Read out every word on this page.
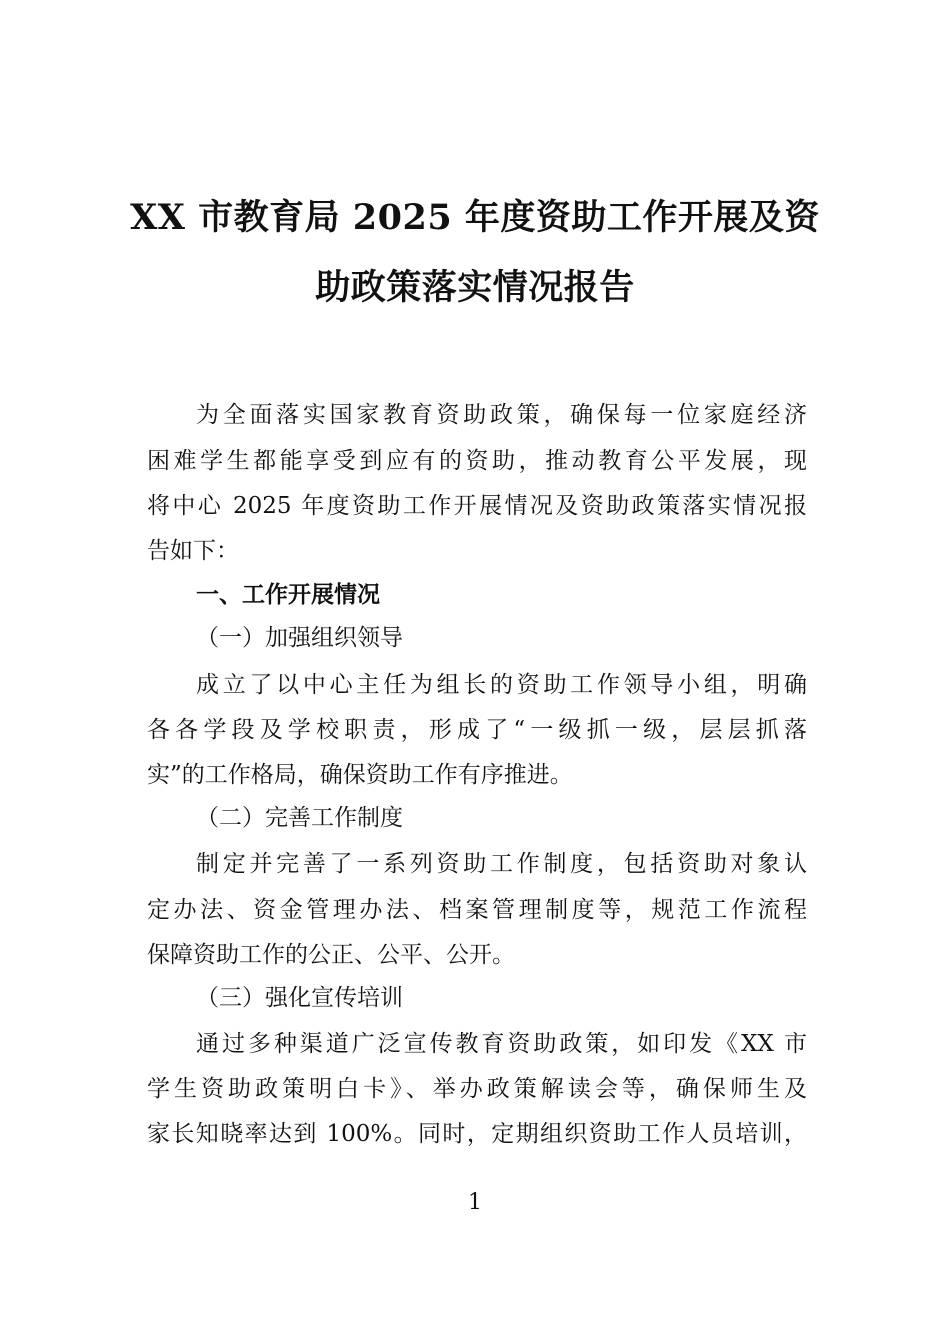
XX 市教育局 2025 年度资助工作开展及资
助政策落实情况报告
为全面落实国家教育资助政策，确保每一位家庭经济
困难学生都能享受到应有的资助，推动教育公平发展，现
将中心 2025 年度资助工作开展情况及资助政策落实情况报
告如下：
一、工作开展情况
（一）加强组织领导
成立了以中心主任为组长的资助工作领导小组，明确
各各学段及学校职责，形成了“一级抓一级，层层抓落
实”的工作格局，确保资助工作有序推进。
（二）完善工作制度
制定并完善了一系列资助工作制度，包括资助对象认
定办法、资金管理办法、档案管理制度等，规范工作流程
保障资助工作的公正、公平、公开。
（三）强化宣传培训
通过多种渠道广泛宣传教育资助政策，如印发《XX 市
学生资助政策明白卡》、举办政策解读会等，确保师生及
家长知晓率达到 100%。同时，定期组织资助工作人员培训，
1
